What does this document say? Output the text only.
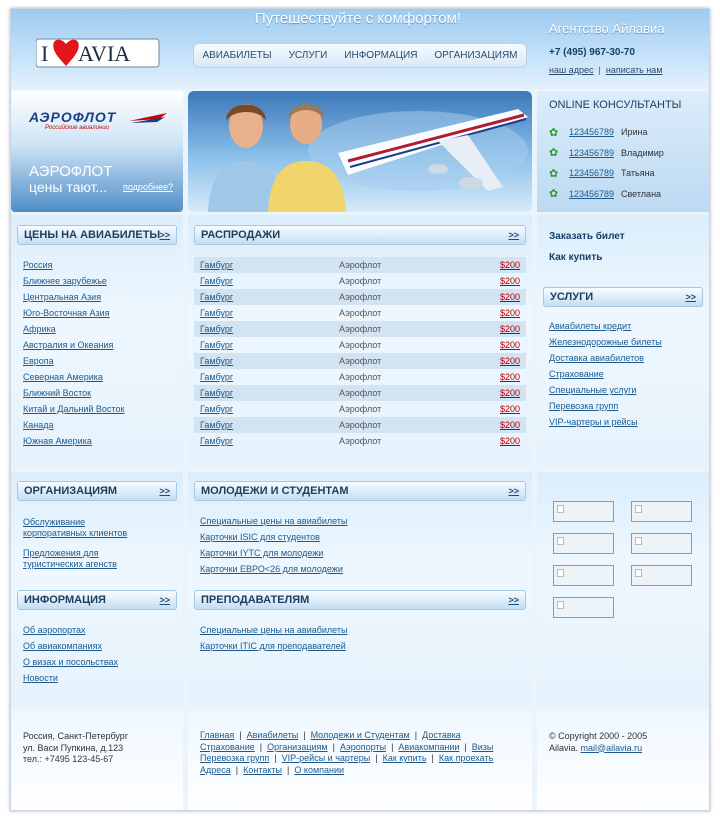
Путешествуйте с комфортом!
I AVIA	АВИАБИЛЕТЫ УСЛУГИ ИНФОРМАЦИЯ ОРГАНИЗАЦИЯМ
Агентство Айлавиа
+7 (495) 967-30-70
наш адрес | написать нам
АЭРОФЛОТ
Российские авиалинии
АЭРОФЛОТ
цены тают... подробнее?
ONLINE КОНСУЛЬТАНТЫ
✿	123456789 Ирина
✿	123456789 Владимир
✿	123456789 Татьяна
✿	123456789 Светлана
ЦЕНЫ НА АВИАБИЛЕТЫ >>
Россия
Ближнее зарубежье
Центральная Азия
Юго-Восточная Азия
Африка
Австралия и Океания
Европа
Северная Америка
Ближний Восток
Китай и Дальний Восток
Канада
Южная Америка
РАСПРОДАЖИ	>>
Гамбург	Аэрофлот	$200
Гамбург	Аэрофлот	$200
Гамбург	Аэрофлот	$200
Гамбург	Аэрофлот	$200
Гамбург	Аэрофлот	$200
Гамбург	Аэрофлот	$200
Гамбург	Аэрофлот	$200
Гамбург	Аэрофлот	$200
Гамбург	Аэрофлот	$200
Гамбург	Аэрофлот	$200
Гамбург	Аэрофлот	$200
Гамбург	Аэрофлот	$200
Заказать билет
Как купить
УСЛУГИ	>>
Авиабилеты кредит
Железнодорожные билеты
Доставка авиабилетов
Страхование
Специальные услуги
Перевозка групп
VIP-чартеры и рейсы
ОРГАНИЗАЦИЯМ	>>
Обслуживание
корпоративных клиентов
Предложения для
туристических агенств
ИНФОРМАЦИЯ	>>
Об аэропортах
Об авиакомпаниях
О визах и посольствах
Новости
МОЛОДЕЖИ И СТУДЕНТАМ	>>
Специальные цены на авиабилеты
Карточки ISIC для студентов
Карточки IYTC для молодежи
Карточки ЕВРО<26 для молодежи
ПРЕПОДАВАТЕЛЯМ	>>
Специальные цены на авиабилеты
Карточки ITIC для преподавателей
Россия, Санкт-Петербург
ул. Васи Пупкина, д.123
тел.: +7495 123-45-67
Главная | Авиабилеты | Молодежи и Студентам | Доставка
Страхование | Организациям | Аэропорты | Авиакомпании | Визы
Перевозка групп | VIP-рейсы и чартеры | Как купить | Как проехать
Адреса | Контакты | О компании
© Copyright 2000 - 2005
Ailavia. mail@ailavia.ru
